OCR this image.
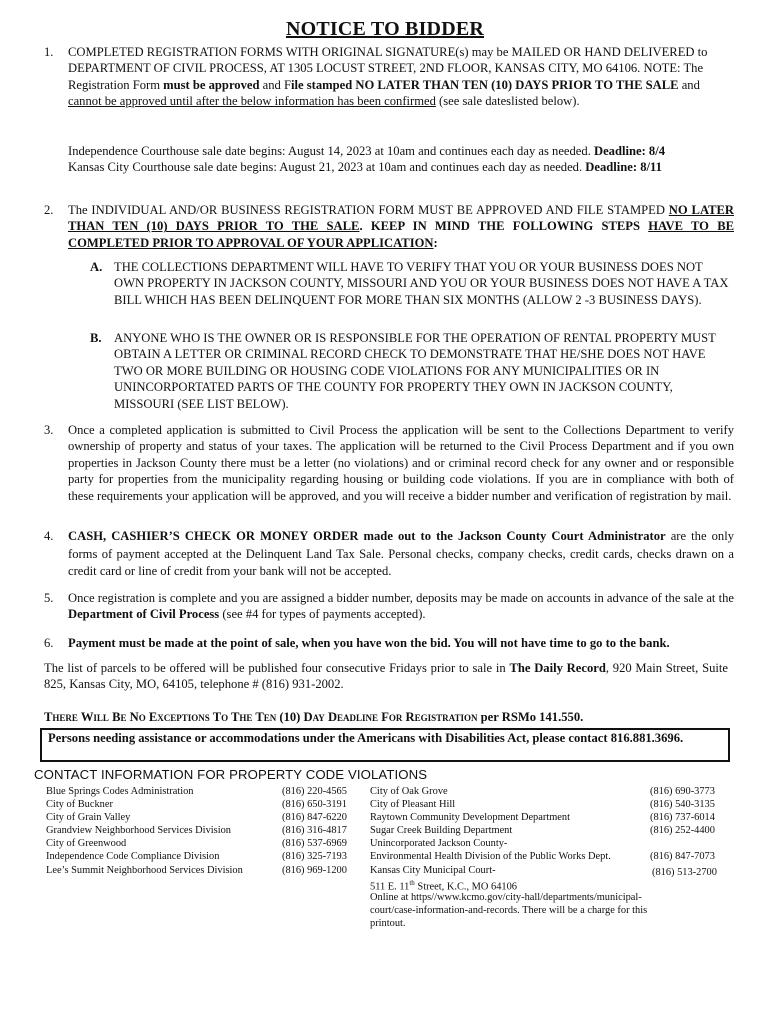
NOTICE TO BIDDER
1.	COMPLETED REGISTRATION FORMS WITH ORIGINAL SIGNATURE(s) may be MAILED OR HAND DELIVERED to DEPARTMENT OF CIVIL PROCESS, AT 1305 LOCUST STREET, 2ND FLOOR, KANSAS CITY, MO 64106. NOTE: The Registration Form must be approved and File stamped NO LATER THAN TEN (10) DAYS PRIOR TO THE SALE and cannot be approved until after the below information has been confirmed (see sale dateslisted below).
Independence Courthouse sale date begins: August 14, 2023 at 10am and continues each day as needed. Deadline: 8/4
Kansas City Courthouse sale date begins: August 21, 2023 at 10am and continues each day as needed. Deadline: 8/11
2.	The INDIVIDUAL AND/OR BUSINESS REGISTRATION FORM MUST BE APPROVED AND FILE STAMPED NO LATER THAN TEN (10) DAYS PRIOR TO THE SALE. KEEP IN MIND THE FOLLOWING STEPS HAVE TO BE COMPLETED PRIOR TO APPROVAL OF YOUR APPLICATION:
A. THE COLLECTIONS DEPARTMENT WILL HAVE TO VERIFY THAT YOU OR YOUR BUSINESS DOES NOT OWN PROPERTY IN JACKSON COUNTY, MISSOURI AND YOU OR YOUR BUSINESS DOES NOT HAVE A TAX BILL WHICH HAS BEEN DELINQUENT FOR MORE THAN SIX MONTHS (ALLOW 2 -3 BUSINESS DAYS).
B. ANYONE WHO IS THE OWNER OR IS RESPONSIBLE FOR THE OPERATION OF RENTAL PROPERTY MUST OBTAIN A LETTER OR CRIMINAL RECORD CHECK TO DEMONSTRATE THAT HE/SHE DOES NOT HAVE TWO OR MORE BUILDING OR HOUSING CODE VIOLATIONS FOR ANY MUNICIPALITIES OR IN UNINCORPORTATED PARTS OF THE COUNTY FOR PROPERTY THEY OWN IN JACKSON COUNTY, MISSOURI (SEE LIST BELOW).
3.	Once a completed application is submitted to Civil Process the application will be sent to the Collections Department to verify ownership of property and status of your taxes. The application will be returned to the Civil Process Department and if you own properties in Jackson County there must be a letter (no violations) and or criminal record check for any owner and or responsible party for properties from the municipality regarding housing or building code violations. If you are in compliance with both of these requirements your application will be approved, and you will receive a bidder number and verification of registration by mail.
4.	CASH, CASHIER’S CHECK OR MONEY ORDER made out to the Jackson County Court Administrator are the only forms of payment accepted at the Delinquent Land Tax Sale. Personal checks, company checks, credit cards, checks drawn on a credit card or line of credit from your bank will not be accepted.
5.	Once registration is complete and you are assigned a bidder number, deposits may be made on accounts in advance of the sale at the Department of Civil Process (see #4 for types of payments accepted).
6.	Payment must be made at the point of sale, when you have won the bid. You will not have time to go to the bank.
The list of parcels to be offered will be published four consecutive Fridays prior to sale in The Daily Record, 920 Main Street, Suite 825, Kansas City, MO, 64105, telephone # (816) 931-2002.
There Will Be No Exceptions To The Ten (10) Day Deadline For Registration per RSMo 141.550.
Persons needing assistance or accommodations under the Americans with Disabilities Act, please contact 816.881.3696.
CONTACT INFORMATION FOR PROPERTY CODE VIOLATIONS
Blue Springs Codes Administration	(816) 220-4565
City of Buckner	(816) 650-3191
City of Grain Valley	(816) 847-6220
Grandview Neighborhood Services Division	(816) 316-4817
City of Greenwood	(816) 537-6969
Independence Code Compliance Division	(816) 325-7193
Lee’s Summit Neighborhood Services Division	(816) 969-1200
City of Oak Grove	(816) 690-3773
City of Pleasant Hill	(816) 540-3135
Raytown Community Development Department	(816) 737-6014
Sugar Creek Building Department	(816) 252-4400
Unincorporated Jackson County-
Environmental Health Division of the Public Works Dept.	(816) 847-7073
Kansas City Municipal Court-	(816) 513-2700
511 E. 11th Street, K.C., MO 64106
Online at https//www.kcmo.gov/city-hall/departments/municipal-court/case-information-and-records. There will be a charge for this printout.
